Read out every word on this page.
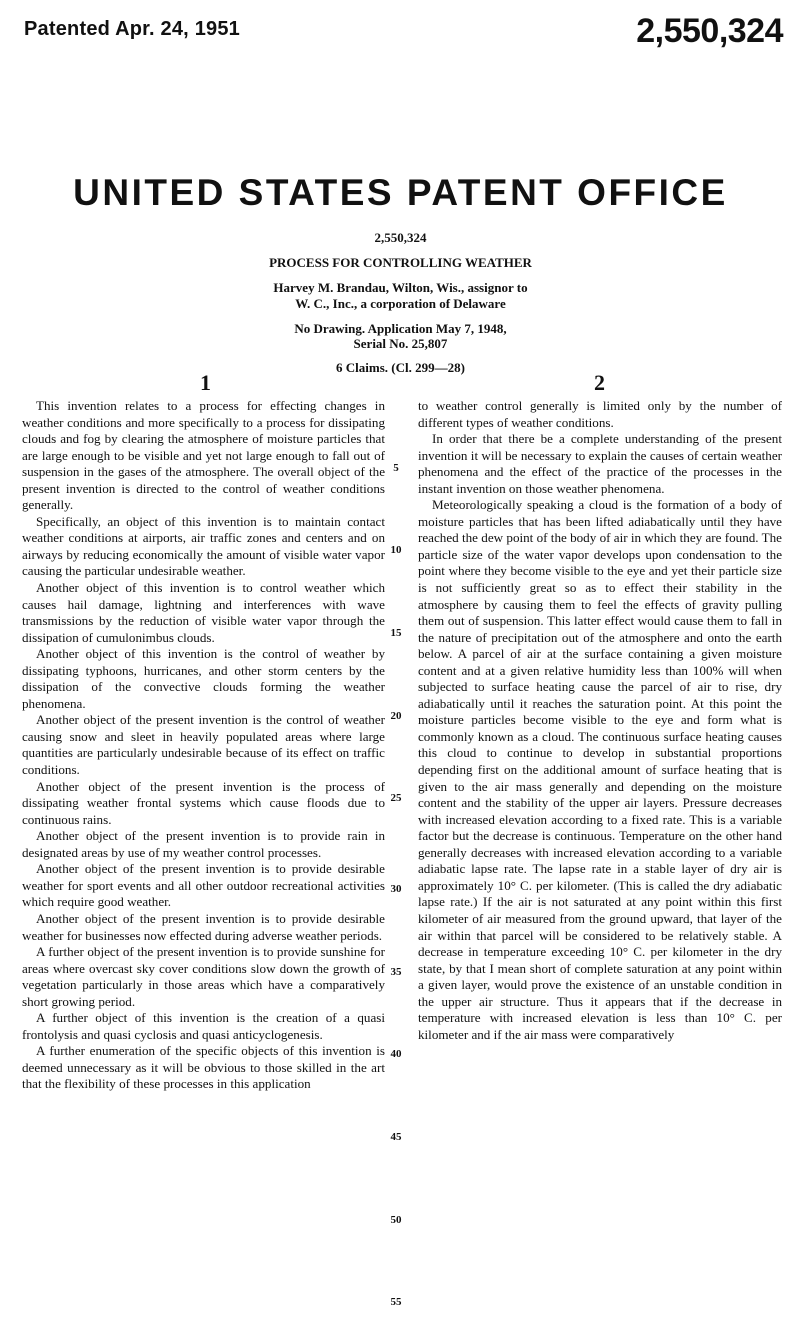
Patented Apr. 24, 1951	2,550,324
UNITED STATES PATENT OFFICE
2,550,324
PROCESS FOR CONTROLLING WEATHER
Harvey M. Brandau, Wilton, Wis., assignor to
W. C., Inc., a corporation of Delaware
No Drawing. Application May 7, 1948,
Serial No. 25,807
6 Claims. (Cl. 299—28)
1	2

This invention relates to a process for effecting changes in weather conditions and more specifically to a process for dissipating clouds and fog by clearing the atmosphere of moisture particles that are large enough to be visible and yet not large enough to fall out of suspension in the gases of the atmosphere. The overall object of the present invention is directed to the control of weather conditions generally.

Specifically, an object of this invention is to maintain contact weather conditions at airports, air traffic zones and centers and on airways by reducing economically the amount of visible water vapor causing the particular undesirable weather.

Another object of this invention is to control weather which causes hail damage, lightning and interferences with wave transmissions by the reduction of visible water vapor through the dissipation of cumulonimbus clouds.

Another object of this invention is the control of weather by dissipating typhoons, hurricanes, and other storm centers by the dissipation of the convective clouds forming the weather phenomena.

Another object of the present invention is the control of weather causing snow and sleet in heavily populated areas where large quantities are particularly undesirable because of its effect on traffic conditions.

Another object of the present invention is the process of dissipating weather frontal systems which cause floods due to continuous rains.

Another object of the present invention is to provide rain in designated areas by use of my weather control processes.

Another object of the present invention is to provide desirable weather for sport events and all other outdoor recreational activities which require good weather.

Another object of the present invention is to provide desirable weather for businesses now effected during adverse weather periods.

A further object of the present invention is to provide sunshine for areas where overcast sky cover conditions slow down the growth of vegetation particularly in those areas which have a comparatively short growing period.

A further object of this invention is the creation of a quasi frontolysis and quasi cyclosis and quasi anticyclogenesis.

A further enumeration of the specific objects of this invention is deemed unnecessary as it will be obvious to those skilled in the art that the flexibility of these processes in this application

to weather control generally is limited only by the number of different types of weather conditions.

In order that there be a complete understanding of the present invention it will be necessary to explain the causes of certain weather phenomena and the effect of the practice of the processes in the instant invention on those weather phenomena.

Meteorologically speaking a cloud is the formation of a body of moisture particles that has been lifted adiabatically until they have reached the dew point of the body of air in which they are found. The particle size of the water vapor develops upon condensation to the point where they become visible to the eye and yet their particle size is not sufficiently great so as to effect their stability in the atmosphere by causing them to feel the effects of gravity pulling them out of suspension. This latter effect would cause them to fall in the nature of precipitation out of the atmosphere and onto the earth below. A parcel of air at the surface containing a given moisture content and at a given relative humidity less than 100% will when subjected to surface heating cause the parcel of air to rise, dry adiabatically until it reaches the saturation point. At this point the moisture particles become visible to the eye and form what is commonly known as a cloud. The continuous surface heating causes this cloud to continue to develop in substantial proportions depending first on the additional amount of surface heating that is given to the air mass generally and depending on the moisture content and the stability of the upper air layers. Pressure decreases with increased elevation according to a fixed rate. This is a variable factor but the decrease is continuous. Temperature on the other hand generally decreases with increased elevation according to a variable adiabatic lapse rate. The lapse rate in a stable layer of dry air is approximately 10° C. per kilometer. (This is called the dry adiabatic lapse rate.) If the air is not saturated at any point within this first kilometer of air measured from the ground upward, that layer of the air within that parcel will be considered to be relatively stable. A decrease in temperature exceeding 10° C. per kilometer in the dry state, by that I mean short of complete saturation at any point within a given layer, would prove the existence of an unstable condition in the upper air structure. Thus it appears that if the decrease in temperature with increased elevation is less than 10° C. per kilometer and if the air mass were comparatively

5
10
15
20
25
30
35
40
45
50
55
